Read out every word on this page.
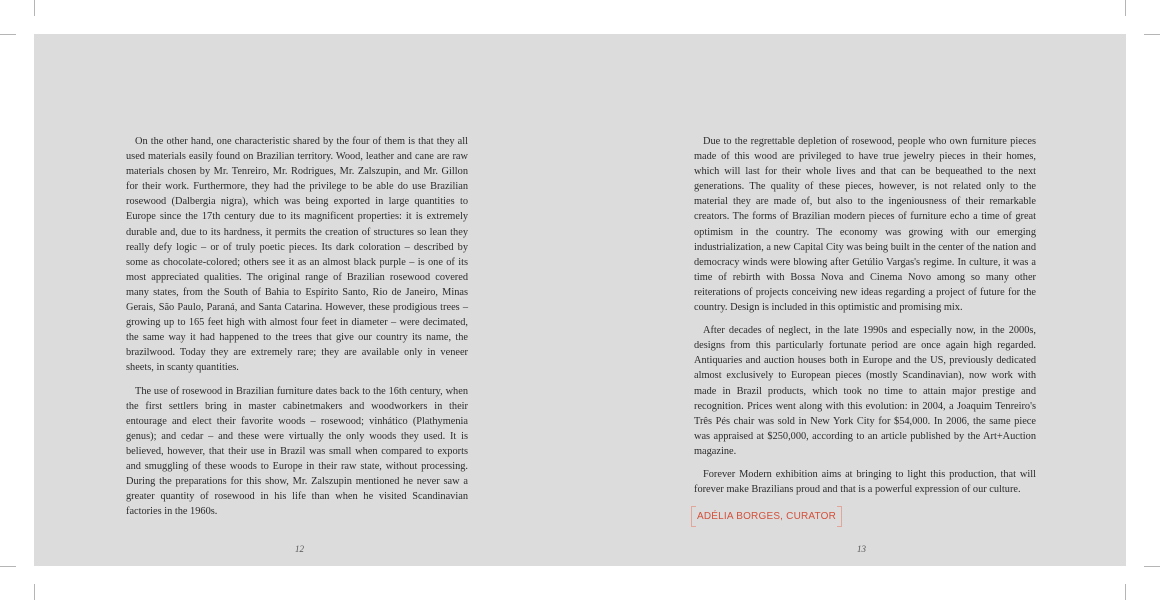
On the other hand, one characteristic shared by the four of them is that they all used materials easily found on Brazilian territory. Wood, leather and cane are raw materials chosen by Mr. Tenreiro, Mr. Rodrigues, Mr. Zalszupin, and Mr. Gillon for their work. Furthermore, they had the privilege to be able do use Brazilian rosewood (Dalbergia nigra), which was being exported in large quantities to Europe since the 17th century due to its magnificent properties: it is extremely durable and, due to its hardness, it permits the creation of structures so lean they really defy logic – or of truly poetic pieces. Its dark coloration – described by some as chocolate-colored; others see it as an almost black purple – is one of its most appreciated qualities. The original range of Brazilian rosewood covered many states, from the South of Bahia to Espírito Santo, Rio de Janeiro, Minas Gerais, São Paulo, Paraná, and Santa Catarina. However, these prodigious trees – growing up to 165 feet high with almost four feet in diameter – were decimated, the same way it had happened to the trees that give our country its name, the brazilwood. Today they are extremely rare; they are available only in veneer sheets, in scanty quantities.

The use of rosewood in Brazilian furniture dates back to the 16th century, when the first settlers bring in master cabinetmakers and woodworkers in their entourage and elect their favorite woods – rosewood; vinhático (Plathymenia genus); and cedar – and these were virtually the only woods they used. It is believed, however, that their use in Brazil was small when compared to exports and smuggling of these woods to Europe in their raw state, without processing. During the preparations for this show, Mr. Zalszupin mentioned he never saw a greater quantity of rosewood in his life than when he visited Scandinavian factories in the 1960s.

Due to the regrettable depletion of rosewood, people who own furniture pieces made of this wood are privileged to have true jewelry pieces in their homes, which will last for their whole lives and that can be bequeathed to the next generations. The quality of these pieces, however, is not related only to the material they are made of, but also to the ingeniousness of their remarkable creators. The forms of Brazilian modern pieces of furniture echo a time of great optimism in the country. The economy was growing with our emerging industrialization, a new Capital City was being built in the center of the nation and democracy winds were blowing after Getúlio Vargas's regime. In culture, it was a time of rebirth with Bossa Nova and Cinema Novo among so many other reiterations of projects conceiving new ideas regarding a project of future for the country. Design is included in this optimistic and promising mix.

After decades of neglect, in the late 1990s and especially now, in the 2000s, designs from this particularly fortunate period are once again high regarded. Antiquaries and auction houses both in Europe and the US, previously dedicated almost exclusively to European pieces (mostly Scandinavian), now work with made in Brazil products, which took no time to attain major prestige and recognition. Prices went along with this evolution: in 2004, a Joaquim Tenreiro's Três Pés chair was sold in New York City for $54,000. In 2006, the same piece was appraised at $250,000, according to an article published by the Art+Auction magazine.

Forever Modern exhibition aims at bringing to light this production, that will forever make Brazilians proud and that is a powerful expression of our culture.

ADÉLIA BORGES, CURATOR
12	13
